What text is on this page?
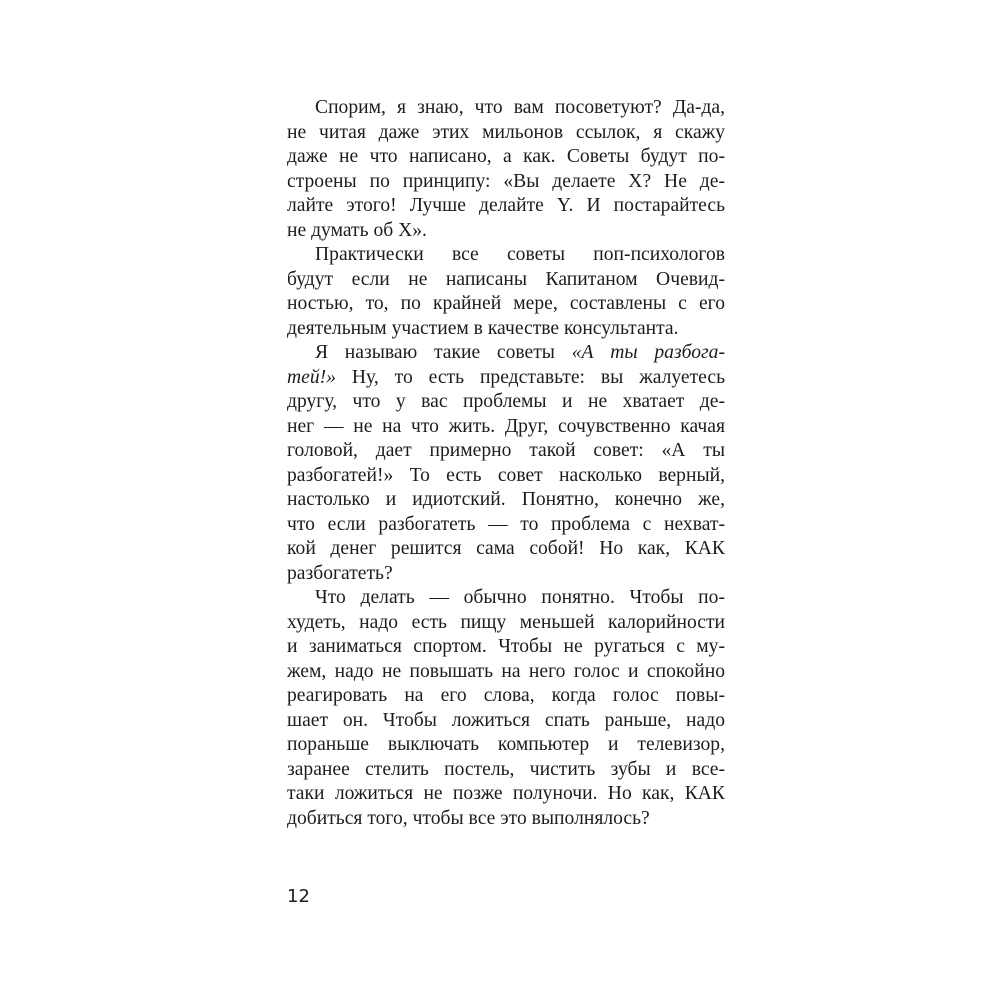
Спорим, я знаю, что вам посоветуют? Да-да,
не читая даже этих мильонов ссылок, я скажу
даже не что написано, а как. Советы будут по-
строены по принципу: «Вы делаете X? Не де-
лайте этого! Лучше делайте Y. И постарайтесь
не думать об X».
Практически все советы поп-психологов
будут если не написаны Капитаном Очевид-
ностью, то, по крайней мере, составлены с его
деятельным участием в качестве консультанта.
Я называю такие советы «А ты разбога-
тей!» Ну, то есть представьте: вы жалуетесь
другу, что у вас проблемы и не хватает де-
нег — не на что жить. Друг, сочувственно качая
головой, дает примерно такой совет: «А ты
разбогатей!» То есть совет насколько верный,
настолько и идиотский. Понятно, конечно же,
что если разбогатеть — то проблема с нехват-
кой денег решится сама собой! Но как, КАК
разбогатеть?
Что делать — обычно понятно. Чтобы по-
худеть, надо есть пищу меньшей калорийности
и заниматься спортом. Чтобы не ругаться с му-
жем, надо не повышать на него голос и спокойно
реагировать на его слова, когда голос повы-
шает он. Чтобы ложиться спать раньше, надо
пораньше выключать компьютер и телевизор,
заранее стелить постель, чистить зубы и все-
таки ложиться не позже полуночи. Но как, КАК
добиться того, чтобы все это выполнялось?
12
